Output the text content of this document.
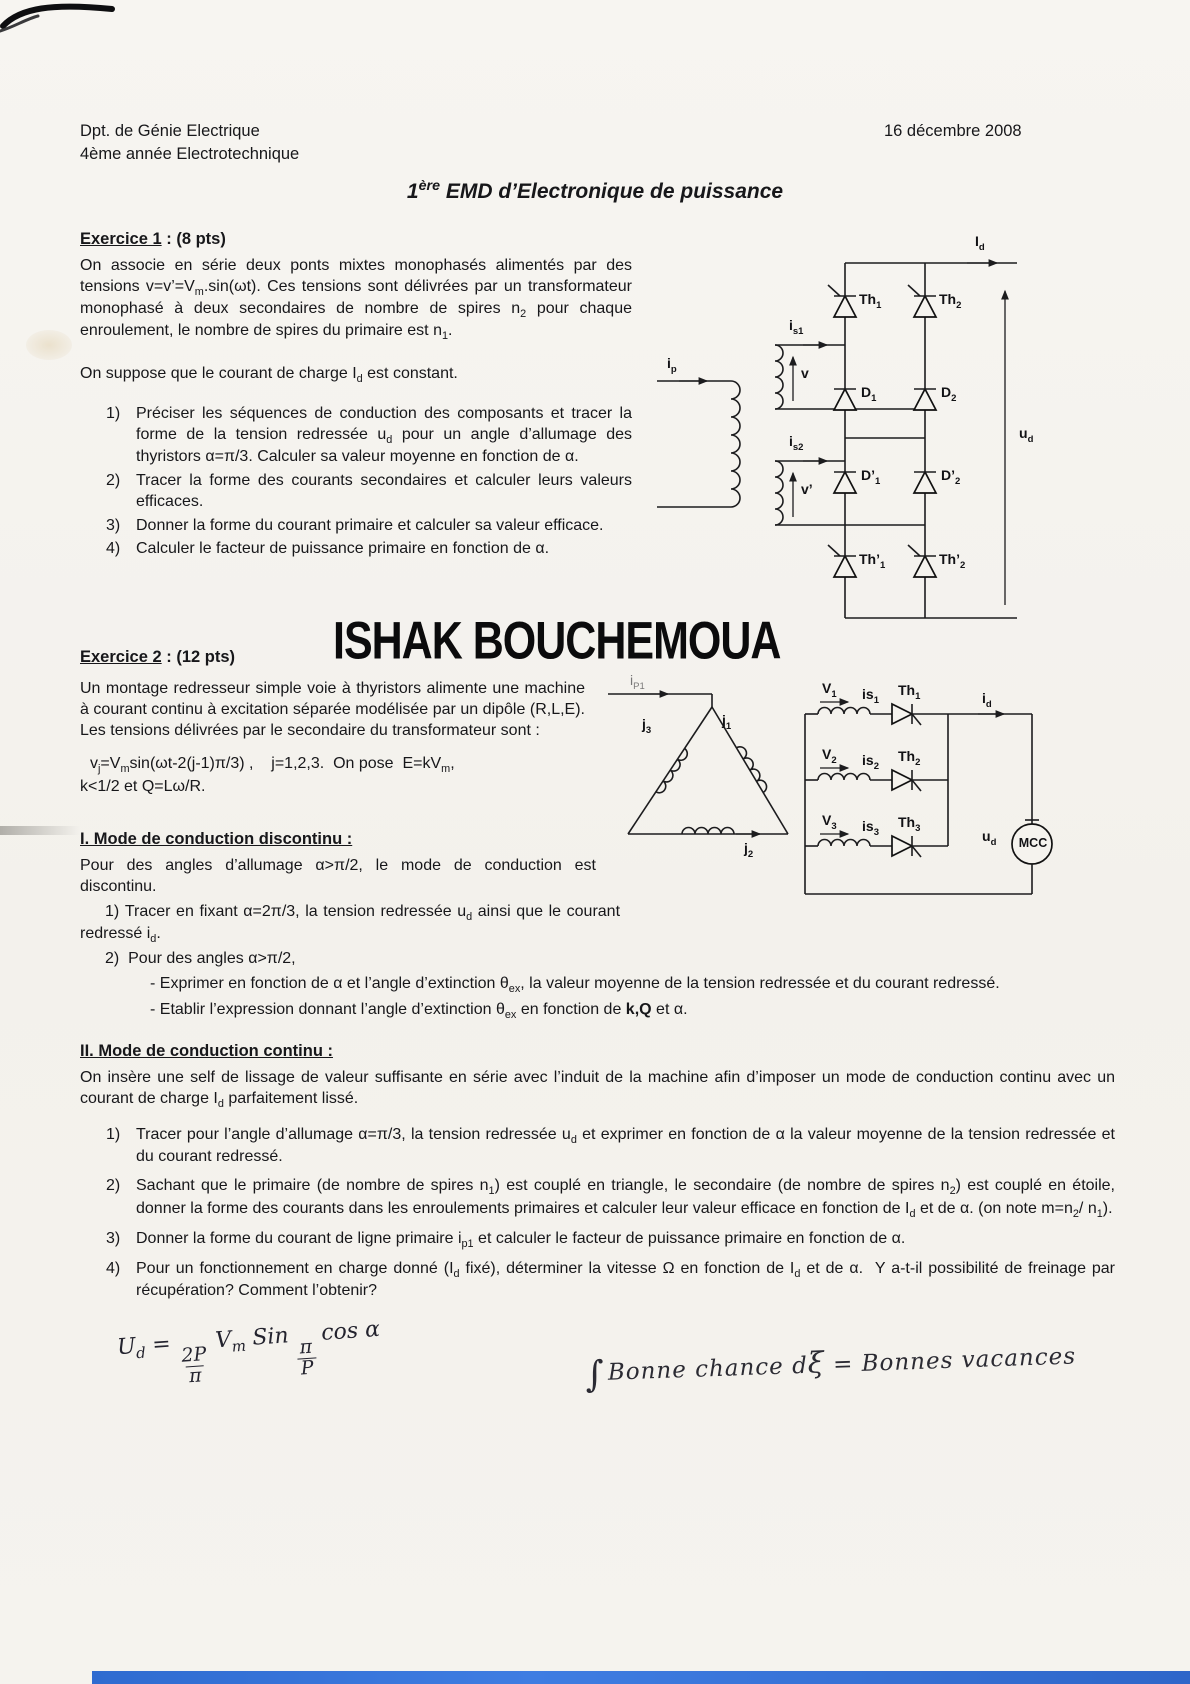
Dpt. de Génie Electrique
4ème année Electrotechnique
16 décembre 2008
1ère EMD d’Electronique de puissance
Exercice 1 : (8 pts)

On associe en série deux ponts mixtes monophasés alimentés par des tensions $v=v’=V_m.\sin(\omega t)$. Ces tensions sont délivrées par un transformateur monophasé à deux secondaires de nombre de spires $n_2$ pour chaque enroulement, le nombre de spires du primaire est $n_1$.

On suppose que le courant de charge $I_d$ est constant.

1) Préciser les séquences de conduction des composants et tracer la forme de la tension redressée $u_d$ pour un angle d’allumage des thyristors α=π/3. Calculer sa valeur moyenne en fonction de α.
2) Tracer la forme des courants secondaires et calculer leurs valeurs efficaces.
3) Donner la forme du courant primaire et calculer sa valeur efficace.
4) Calculer le facteur de puissance primaire en fonction de α.
$I_d$
$i_p$
$i_{s1}$
$i_{s2}$
v
v’
$Th_1$	$Th_2$
$D_1$	$D_2$
$D’_1$	$D’_2$
$Th’_1$	$Th’_2$
$u_d$
ISHAK BOUCHEMOUA
Exercice 2 : (12 pts)

Un montage redresseur simple voie à thyristors alimente une machine à courant continu à excitation séparée modélisée par un dipôle (R,L,E). Les tensions délivrées par le secondaire du transformateur sont :

$v_j=V_m\sin(\omega t-2(j-1)\pi/3)$ ,    j=1,2,3.  On pose  $E=kV_m$,

k<1/2 et Q=Lω/R.

$i_{P1}$
$j_3$
$j_1$
$j_2$
$V_1$ $is_1$
$Th_1$
$V_2$ $is_2$
$Th_2$
$V_3$ $is_3$
$Th_3$
$i_d$
$u_d$	MCC
I. Mode de conduction discontinu :

Pour des angles d’allumage α>π/2, le mode de conduction est discontinu.

1) Tracer en fixant α=2π/3, la tension redressée $u_d$ ainsi que le courant redressé $i_d$.

2)  Pour des angles α>π/2,

- Exprimer en fonction de α et l’angle d’extinction $\theta_{ex}$, la valeur moyenne de la tension redressée et du courant redressé.

- Etablir l’expression donnant l’angle d’extinction $\theta_{ex}$ en fonction de k,Q et α.

II. Mode de conduction continu :

On insère une self de lissage de valeur suffisante en série avec l’induit de la machine afin d’imposer un mode de conduction continu avec un courant de charge $I_d$ parfaitement lissé.

1) Tracer pour l’angle d’allumage α=π/3, la tension redressée $u_d$ et exprimer en fonction de α la valeur moyenne de la tension redressée et du courant redressé.
2) Sachant que le primaire (de nombre de spires $n_1$) est couplé en triangle, le secondaire (de nombre de spires $n_2$) est couplé en étoile, donner la forme des courants dans les enroulements primaires et calculer leur valeur efficace en fonction de $I_d$ et de α. (on note $m=n_2/$ $n_1$).
3) Donner la forme du courant de ligne primaire $i_{p1}$ et calculer le facteur de puissance primaire en fonction de α.
4) Pour un fonctionnement en charge donné ($I_d$ fixé), déterminer la vitesse Ω en fonction de $I_d$ et de α.  Y a-t-il possibilité de freinage par récupération? Comment l’obtenir?
$U_d$ =
$\frac{2P}{\pi}$
$V_m$ Sin
$\frac{\pi}{P}$
cos α
∫Bonne chance dξ = Bonnes vacances
